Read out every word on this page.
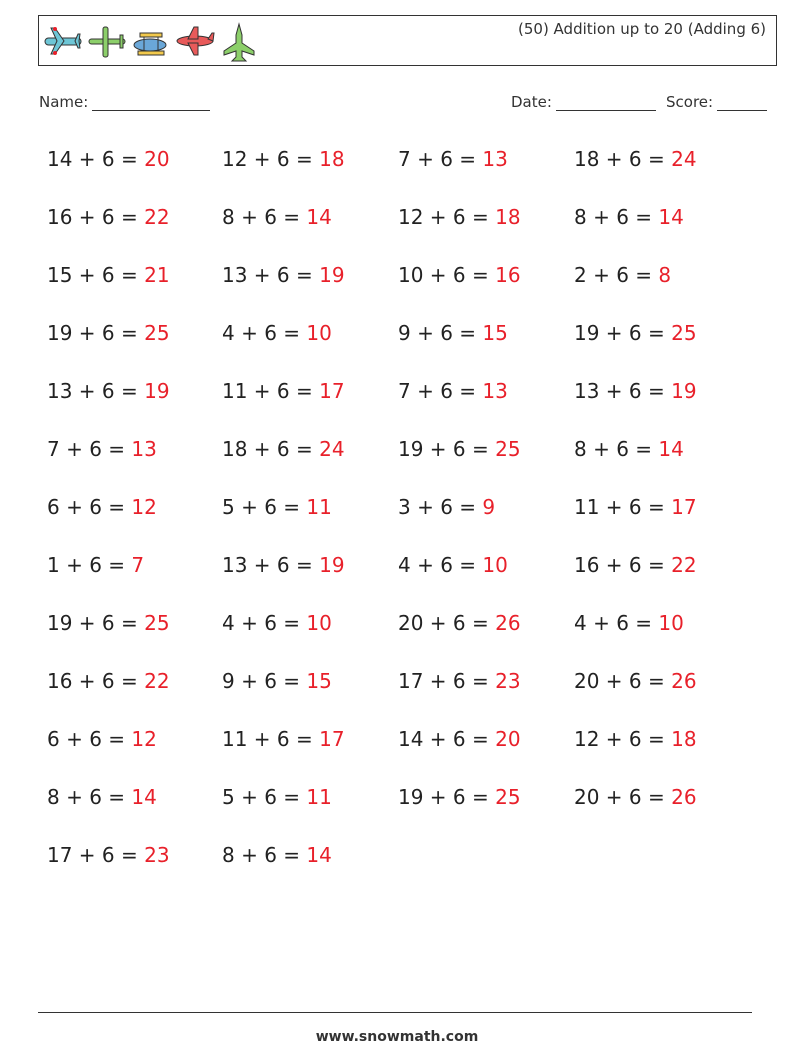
(50) Addition up to 20 (Adding 6)
Name:	Date:	Score:
14 + 6 = 20	12 + 6 = 18	7 + 6 = 13	18 + 6 = 24
16 + 6 = 22	8 + 6 = 14	12 + 6 = 18	8 + 6 = 14
15 + 6 = 21	13 + 6 = 19	10 + 6 = 16	2 + 6 = 8
19 + 6 = 25	4 + 6 = 10	9 + 6 = 15	19 + 6 = 25
13 + 6 = 19	11 + 6 = 17	7 + 6 = 13	13 + 6 = 19
7 + 6 = 13	18 + 6 = 24	19 + 6 = 25	8 + 6 = 14
6 + 6 = 12	5 + 6 = 11	3 + 6 = 9	11 + 6 = 17
1 + 6 = 7	13 + 6 = 19	4 + 6 = 10	16 + 6 = 22
19 + 6 = 25	4 + 6 = 10	20 + 6 = 26	4 + 6 = 10
16 + 6 = 22	9 + 6 = 15	17 + 6 = 23	20 + 6 = 26
6 + 6 = 12	11 + 6 = 17	14 + 6 = 20	12 + 6 = 18
8 + 6 = 14	5 + 6 = 11	19 + 6 = 25	20 + 6 = 26
17 + 6 = 23	8 + 6 = 14
www.snowmath.com
